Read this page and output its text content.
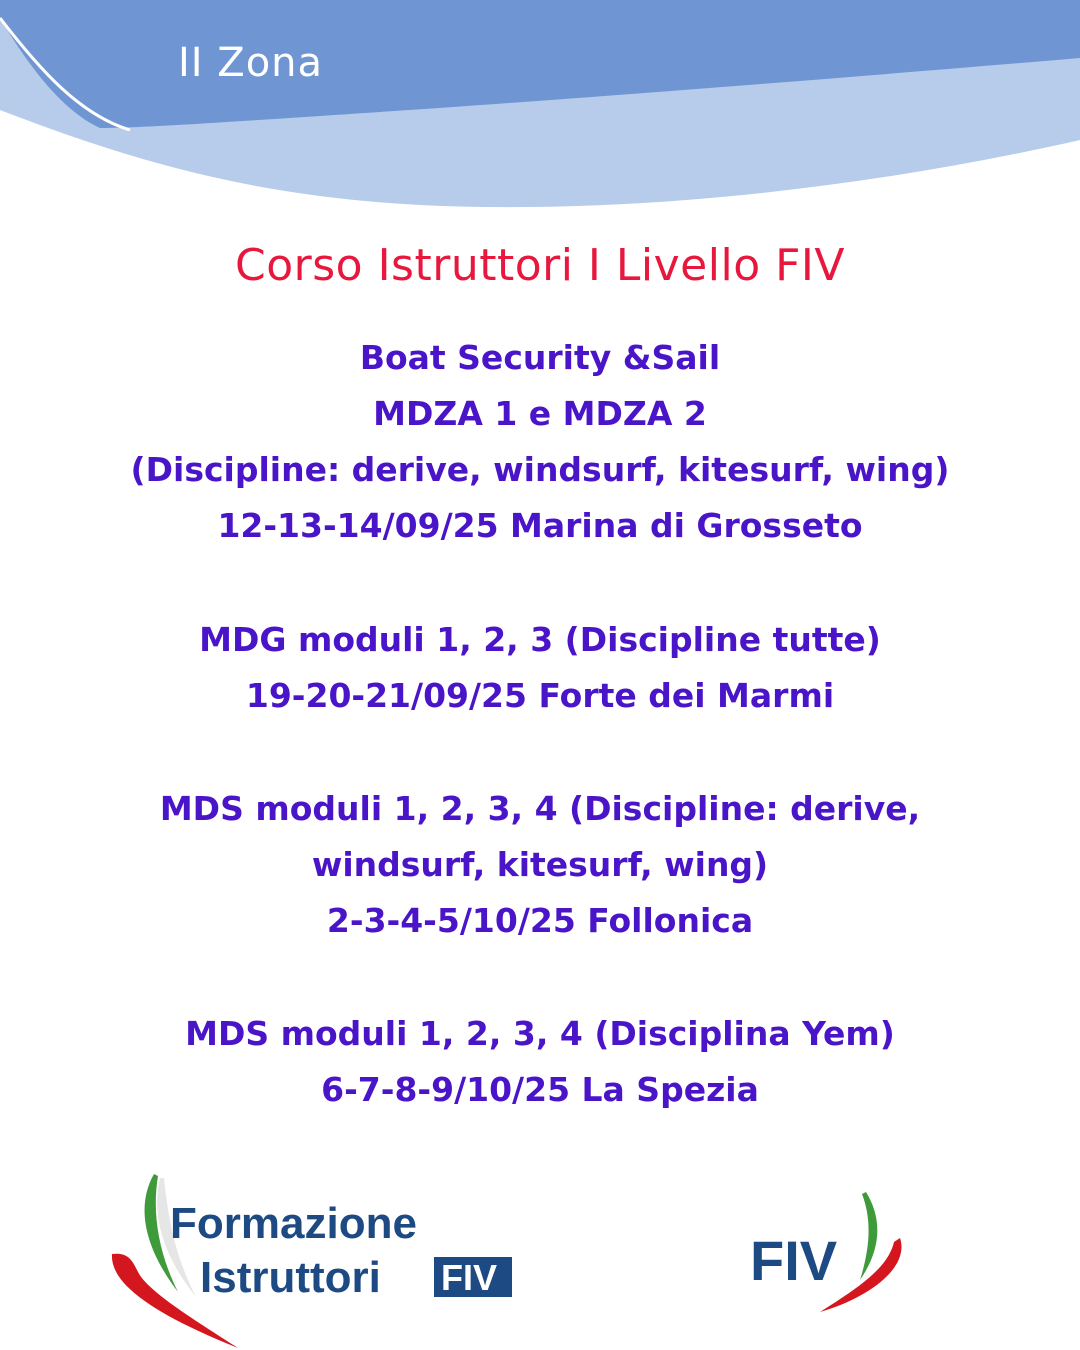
II Zona
Corso Istruttori I Livello FIV
Boat Security &Sail
MDZA 1 e MDZA 2
(Discipline: derive, windsurf, kitesurf, wing)
12-13-14/09/25 Marina di Grosseto
MDG moduli 1, 2, 3 (Discipline tutte)
19-20-21/09/25 Forte dei Marmi
MDS moduli 1, 2, 3, 4 (Discipline: derive,
windsurf, kitesurf, wing)
2-3-4-5/10/25 Follonica
MDS moduli 1, 2, 3, 4 (Disciplina Yem)
6-7-8-9/10/25 La Spezia
Formazione
Istruttori FIV	FIV
